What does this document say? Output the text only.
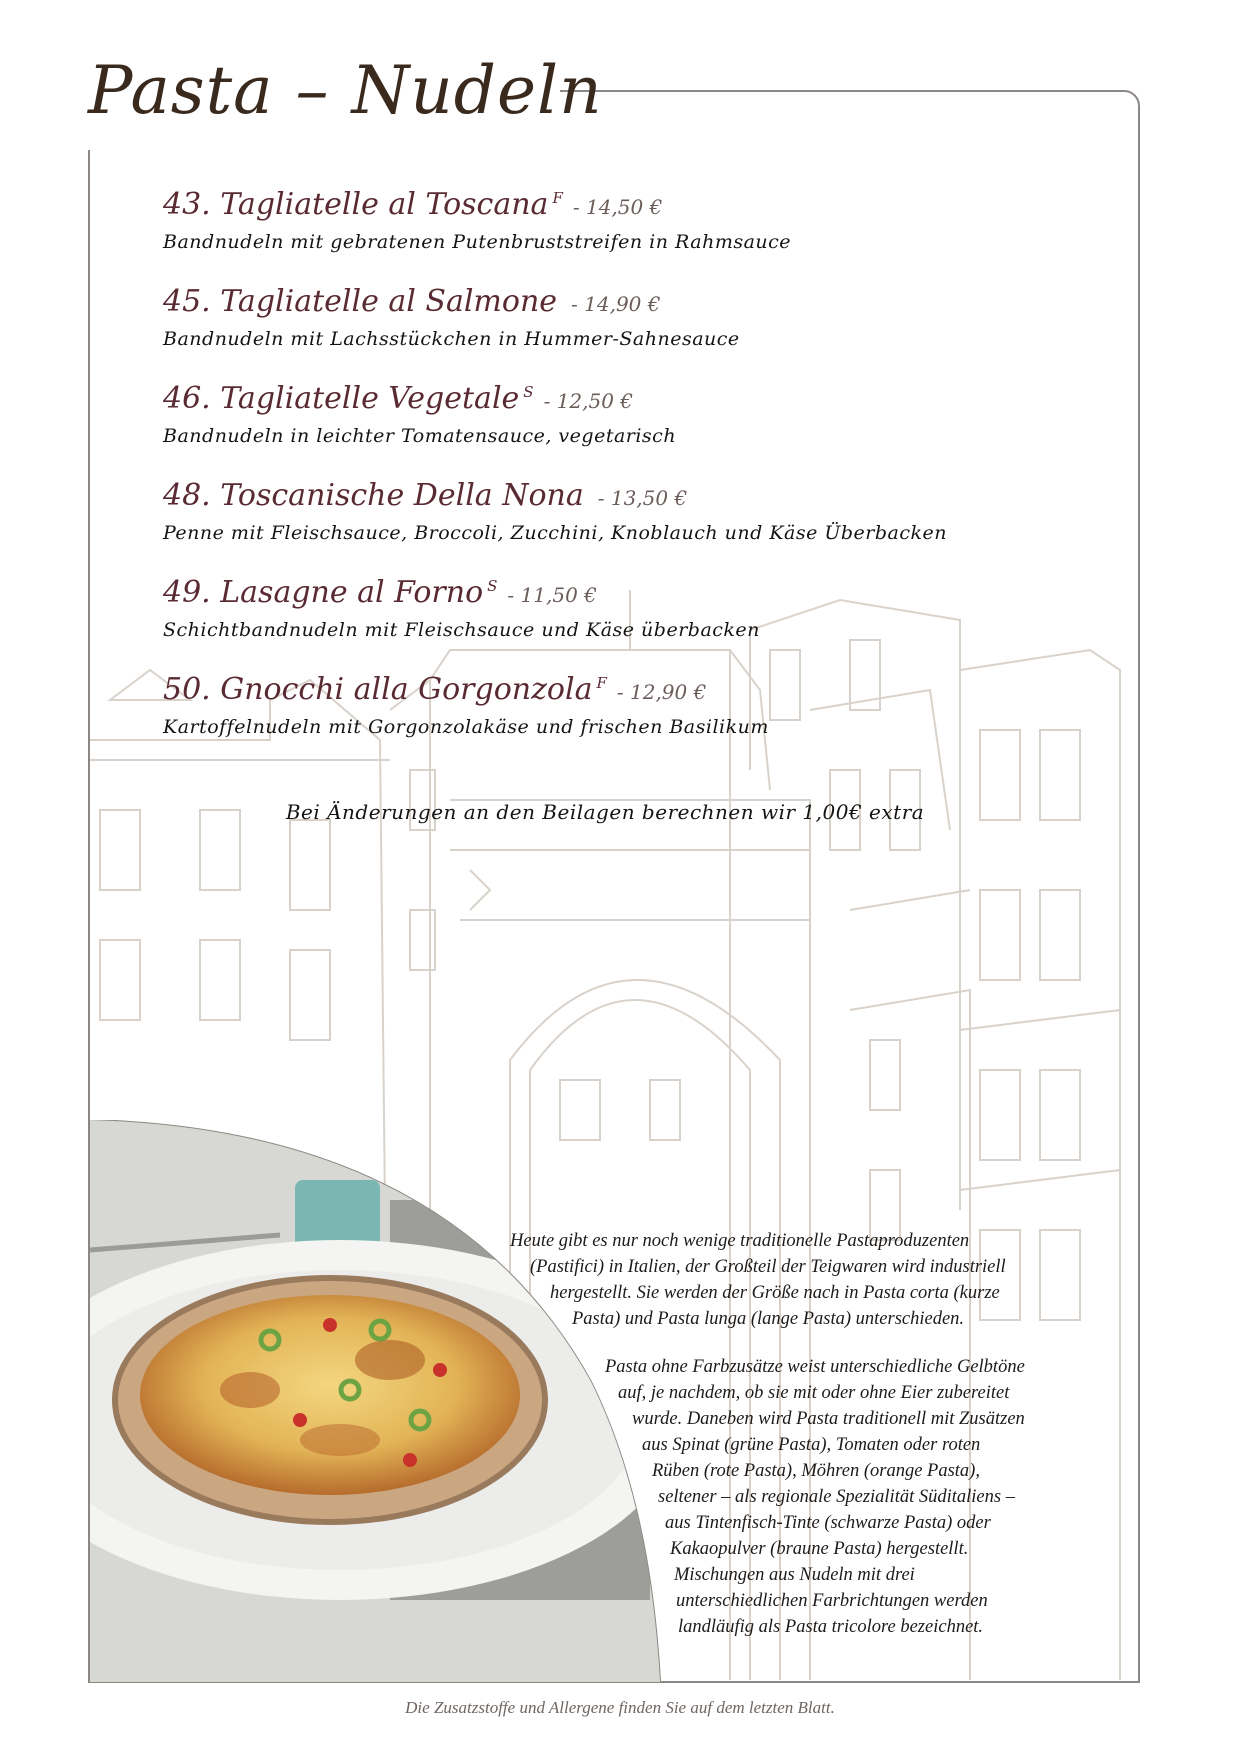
Pasta – Nudeln
43. Tagliatelle al Toscana $^F$ - 14,50 €
Bandnudeln mit gebratenen Putenbruststreifen in Rahmsauce
45. Tagliatelle al Salmone - 14,90 €
Bandnudeln mit Lachsstückchen in Hummer-Sahnesauce
46. Tagliatelle Vegetale $^S$ - 12,50 €
Bandnudeln in leichter Tomatensauce, vegetarisch
48. Toscanische Della Nona - 13,50 €
Penne mit Fleischsauce, Broccoli, Zucchini, Knoblauch und Käse Überbacken
49. Lasagne al Forno $^S$ - 11,50 €
Schichtbandnudeln mit Fleischsauce und Käse überbacken
50. Gnocchi alla Gorgonzola $^F$ - 12,90 €
Kartoffelnudeln mit Gorgonzolakäse und frischen Basilikum
Bei Änderungen an den Beilagen berechnen wir 1,00€ extra
Heute gibt es nur noch wenige traditionelle Pastaproduzenten
(Pastifici) in Italien, der Großteil der Teigwaren wird industriell
hergestellt. Sie werden der Größe nach in Pasta corta (kurze
Pasta) und Pasta lunga (lange Pasta) unterschieden.
Pasta ohne Farbzusätze weist unterschiedliche Gelbtöne
auf, je nachdem, ob sie mit oder ohne Eier zubereitet
wurde. Daneben wird Pasta traditionell mit Zusätzen
aus Spinat (grüne Pasta), Tomaten oder roten
Rüben (rote Pasta), Möhren (orange Pasta),
seltener – als regionale Spezialität Süditaliens –
aus Tintenfisch-Tinte (schwarze Pasta) oder
Kakaopulver (braune Pasta) hergestellt.
Mischungen aus Nudeln mit drei
unterschiedlichen Farbrichtungen werden
landläufig als Pasta tricolore bezeichnet.
Die Zusatzstoffe und Allergene finden Sie auf dem letzten Blatt.
